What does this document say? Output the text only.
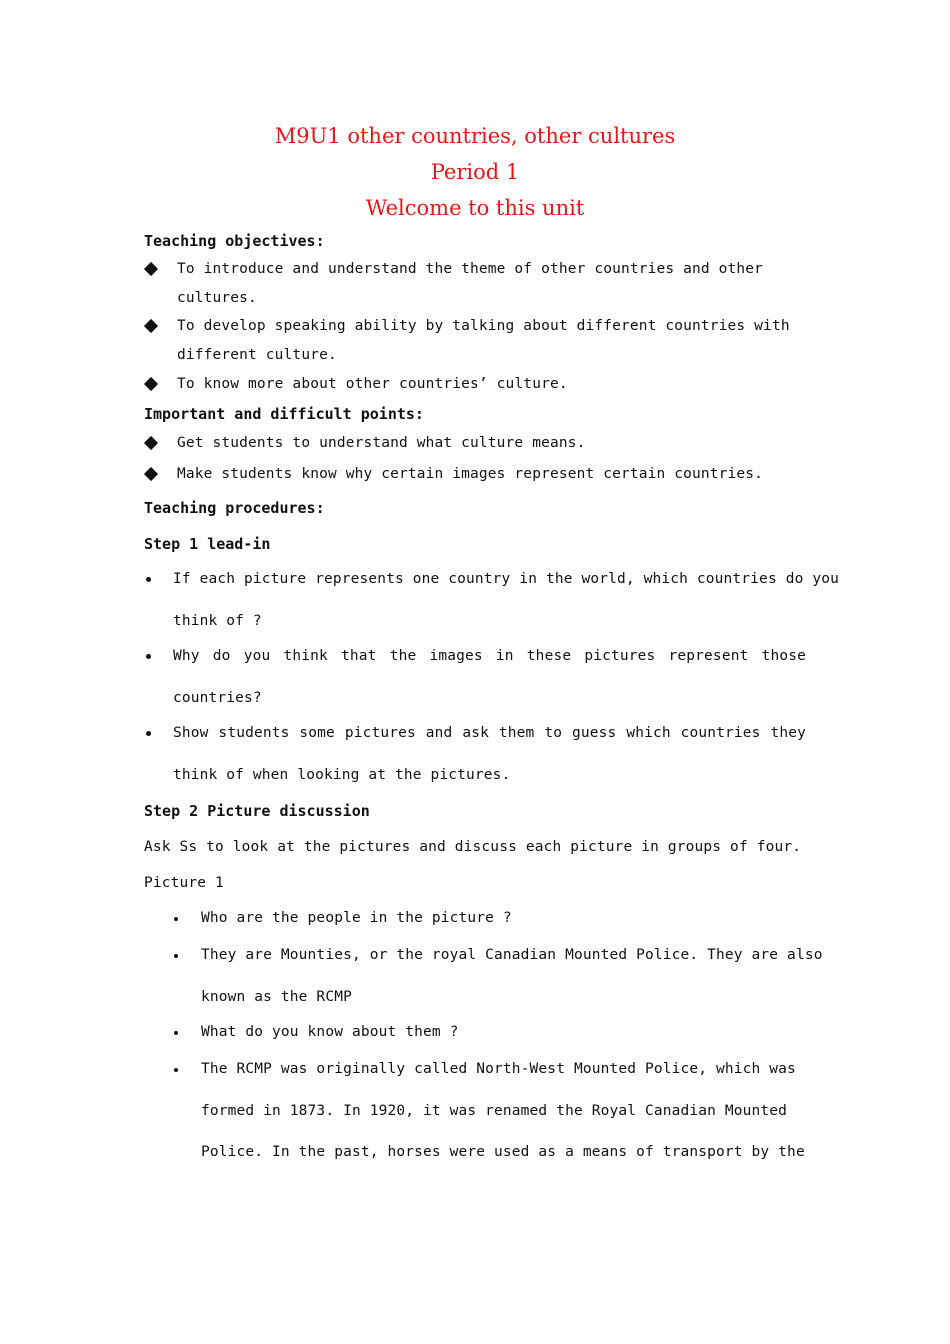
M9U1 other countries, other cultures
Period 1
Welcome to this unit
Teaching objectives:
To introduce and understand the theme of other countries and other
cultures.
To develop speaking ability by talking about different countries with
different culture.
To know more about other countries’ culture.
Important and difficult points:
Get students to understand what culture means.
Make students know why certain images represent certain countries.
Teaching procedures:
Step 1 lead-in
If each picture represents one country in the world, which countries do you
think of ?
Why do you think that the images in these pictures represent those
countries?
Show students some pictures and ask them to guess which countries they
think of when looking at the pictures.
Step 2 Picture discussion
Ask Ss to look at the pictures and discuss each picture in groups of four.
Picture 1
Who are the people in the picture ?
They are Mounties, or the royal Canadian Mounted Police. They are also
known as the RCMP
What do you know about them ?
The RCMP was originally called North-West Mounted Police, which was
formed in 1873. In 1920, it was renamed the Royal Canadian Mounted
Police. In the past, horses were used as a means of transport by the
